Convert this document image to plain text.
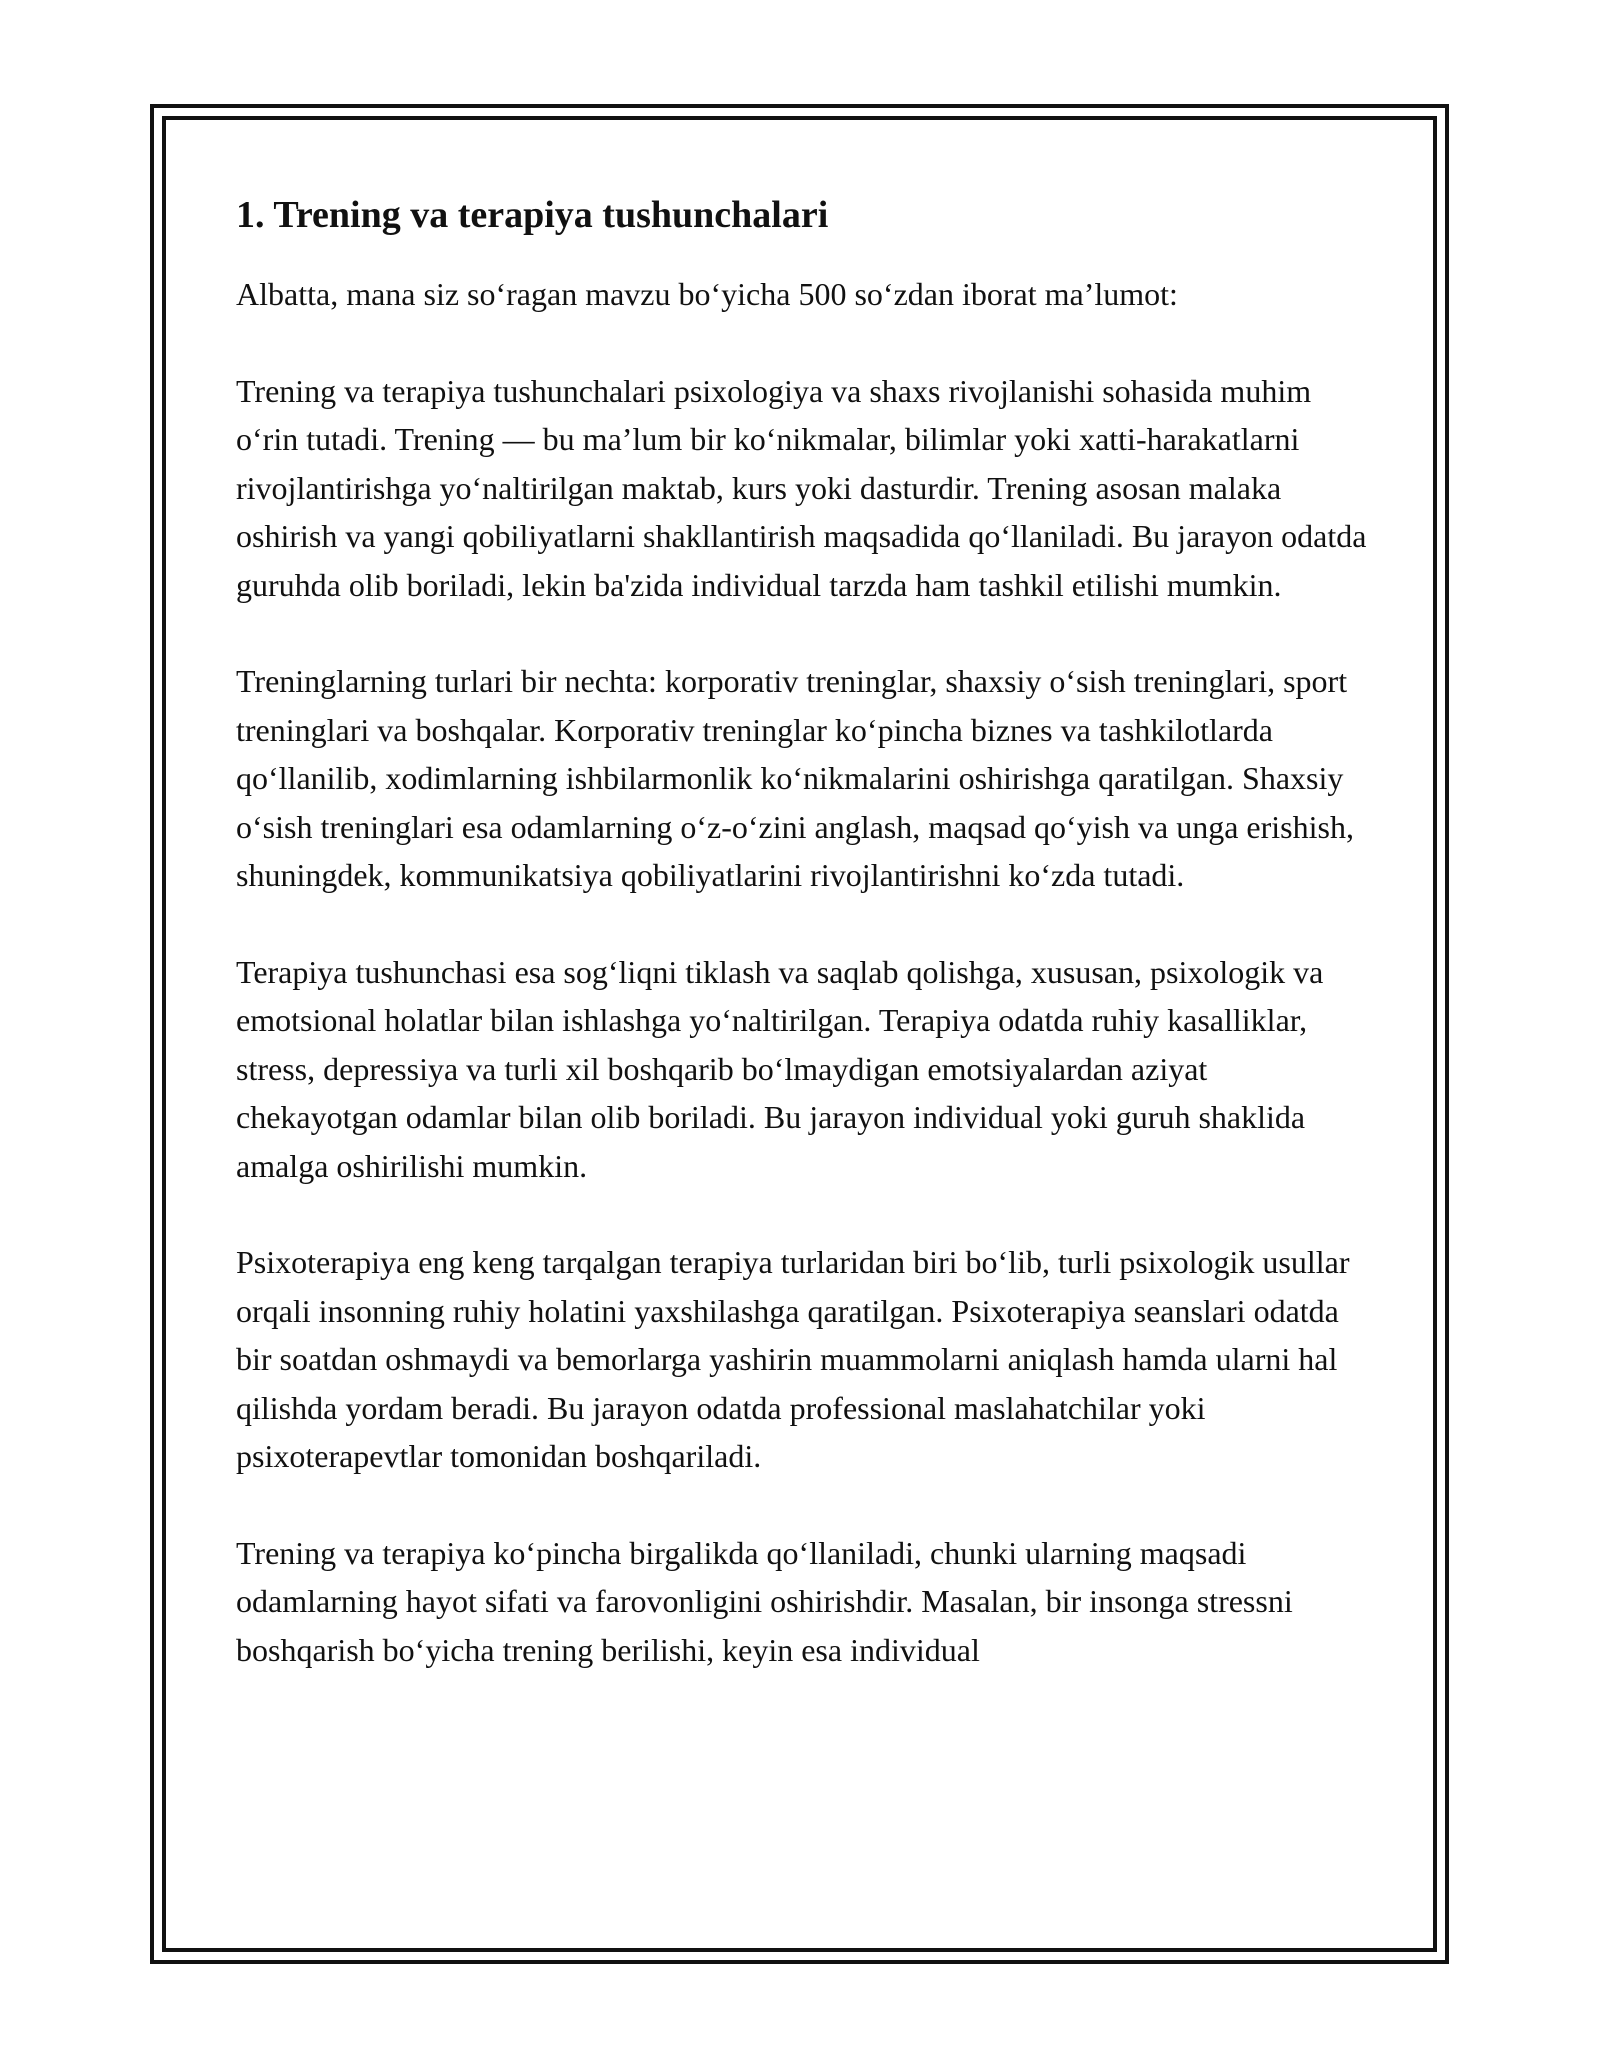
1. Trening va terapiya tushunchalari

Albatta, mana siz so‘ragan mavzu bo‘yicha 500 so‘zdan iborat ma’lumot:

Trening va terapiya tushunchalari psixologiya va shaxs rivojlanishi sohasida muhim o‘rin tutadi. Trening — bu ma’lum bir ko‘nikmalar, bilimlar yoki xatti-harakatlarni rivojlantirishga yo‘naltirilgan maktab, kurs yoki dasturdir. Trening asosan malaka oshirish va yangi qobiliyatlarni shakllantirish maqsadida qo‘llaniladi. Bu jarayon odatda guruhda olib boriladi, lekin ba'zida individual tarzda ham tashkil etilishi mumkin.

Treninglarning turlari bir nechta: korporativ treninglar, shaxsiy o‘sish treninglari, sport treninglari va boshqalar. Korporativ treninglar ko‘pincha biznes va tashkilotlarda qo‘llanilib, xodimlarning ishbilarmonlik ko‘nikmalarini oshirishga qaratilgan. Shaxsiy o‘sish treninglari esa odamlarning o‘z-o‘zini anglash, maqsad qo‘yish va unga erishish, shuningdek, kommunikatsiya qobiliyatlarini rivojlantirishni ko‘zda tutadi.

Terapiya tushunchasi esa sog‘liqni tiklash va saqlab qolishga, xususan, psixologik va emotsional holatlar bilan ishlashga yo‘naltirilgan. Terapiya odatda ruhiy kasalliklar, stress, depressiya va turli xil boshqarib bo‘lmaydigan emotsiyalardan aziyat chekayotgan odamlar bilan olib boriladi. Bu jarayon individual yoki guruh shaklida amalga oshirilishi mumkin.

Psixoterapiya eng keng tarqalgan terapiya turlaridan biri bo‘lib, turli psixologik usullar orqali insonning ruhiy holatini yaxshilashga qaratilgan. Psixoterapiya seanslari odatda bir soatdan oshmaydi va bemorlarga yashirin muammolarni aniqlash hamda ularni hal qilishda yordam beradi. Bu jarayon odatda professional maslahatchilar yoki psixoterapevtlar tomonidan boshqariladi.

Trening va terapiya ko‘pincha birgalikda qo‘llaniladi, chunki ularning maqsadi odamlarning hayot sifati va farovonligini oshirishdir. Masalan, bir insonga stressni boshqarish bo‘yicha trening berilishi, keyin esa individual
